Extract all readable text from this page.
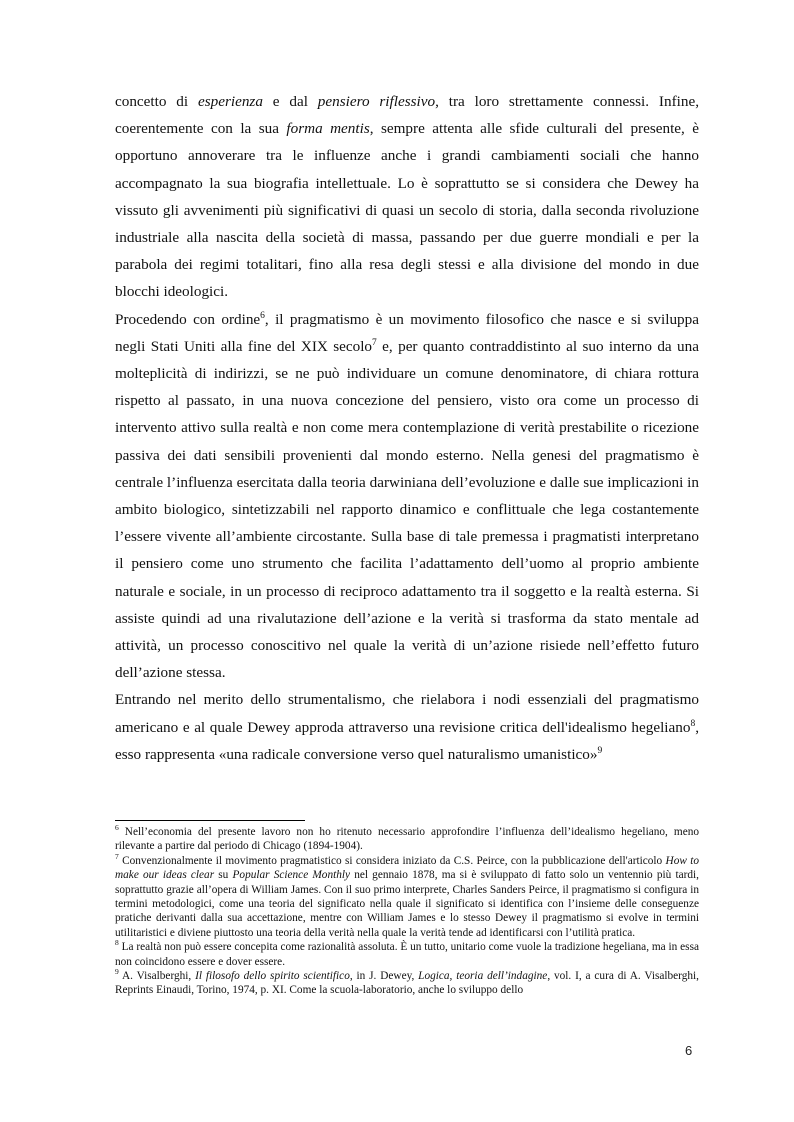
concetto di esperienza e dal pensiero riflessivo, tra loro strettamente connessi. Infine, coerentemente con la sua forma mentis, sempre attenta alle sfide culturali del presente, è opportuno annoverare tra le influenze anche i grandi cambiamenti sociali che hanno accompagnato la sua biografia intellettuale. Lo è soprattutto se si considera che Dewey ha vissuto gli avvenimenti più significativi di quasi un secolo di storia, dalla seconda rivoluzione industriale alla nascita della società di massa, passando per due guerre mondiali e per la parabola dei regimi totalitari, fino alla resa degli stessi e alla divisione del mondo in due blocchi ideologici.

Procedendo con ordine$^6$, il pragmatismo è un movimento filosofico che nasce e si sviluppa negli Stati Uniti alla fine del XIX secolo$^7$ e, per quanto contraddistinto al suo interno da una molteplicità di indirizzi, se ne può individuare un comune denominatore, di chiara rottura rispetto al passato, in una nuova concezione del pensiero, visto ora come un processo di intervento attivo sulla realtà e non come mera contemplazione di verità prestabilite o ricezione passiva dei dati sensibili provenienti dal mondo esterno. Nella genesi del pragmatismo è centrale l’influenza esercitata dalla teoria darwiniana dell’evoluzione e dalle sue implicazioni in ambito biologico, sintetizzabili nel rapporto dinamico e conflittuale che lega costantemente l’essere vivente all’ambiente circostante. Sulla base di tale premessa i pragmatisti interpretano il pensiero come uno strumento che facilita l’adattamento dell’uomo al proprio ambiente naturale e sociale, in un processo di reciproco adattamento tra il soggetto e la realtà esterna. Si assiste quindi ad una rivalutazione dell’azione e la verità si trasforma da stato mentale ad attività, un processo conoscitivo nel quale la verità di un’azione risiede nell’effetto futuro dell’azione stessa.

Entrando nel merito dello strumentalismo, che rielabora i nodi essenziali del pragmatismo americano e al quale Dewey approda attraverso una revisione critica dell'idealismo hegeliano$^8$, esso rappresenta «una radicale conversione verso quel naturalismo umanistico»$^9$

$^6$ Nell’economia del presente lavoro non ho ritenuto necessario approfondire l’influenza dell’idealismo hegeliano, meno rilevante a partire dal periodo di Chicago (1894-1904).

$^7$ Convenzionalmente il movimento pragmatistico si considera iniziato da C.S. Peirce, con la pubblicazione dell'articolo How to make our ideas clear su Popular Science Monthly nel gennaio 1878, ma si è sviluppato di fatto solo un ventennio più tardi, soprattutto grazie all’opera di William James. Con il suo primo interprete, Charles Sanders Peirce, il pragmatismo si configura in termini metodologici, come una teoria del significato nella quale il significato si identifica con l’insieme delle conseguenze pratiche derivanti dalla sua accettazione, mentre con William James e lo stesso Dewey il pragmatismo si evolve in termini utilitaristici e diviene piuttosto una teoria della verità nella quale la verità tende ad identificarsi con l’utilità pratica.

$^8$ La realtà non può essere concepita come razionalità assoluta. È un tutto, unitario come vuole la tradizione hegeliana, ma in essa non coincidono essere e dover essere.

$^9$ A. Visalberghi, Il filosofo dello spirito scientifico, in J. Dewey, Logica, teoria dell’indagine, vol. I, a cura di A. Visalberghi, Reprints Einaudi, Torino, 1974, p. XI. Come la scuola-laboratorio, anche lo sviluppo dello

6
